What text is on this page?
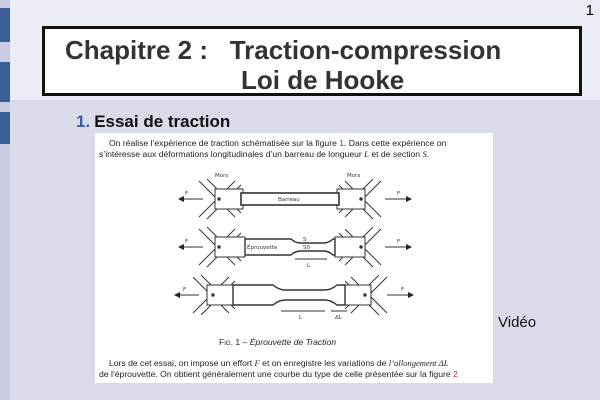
1
Chapitre 2 :   Traction-compression
Loi de Hooke
1. Essai de traction
On réalise l’expérience de traction schématisée sur la figure 1. Dans cette expérience on
s’intéresse aux déformations longitudinales d’un barreau de longueur L et de section S.
Mors	Mors
F	F
Barreau
F	F
Éprouvette
S
S0
L
F	F
L	ΔL
Fig. 1 – Éprouvette de Traction
Lors de cet essai, on impose un effort F et on enregistre les variations de l’allongement ΔL
de l’éprouvette. On obtient généralement une courbe du type de celle présentée sur la figure 2
Vidéo
